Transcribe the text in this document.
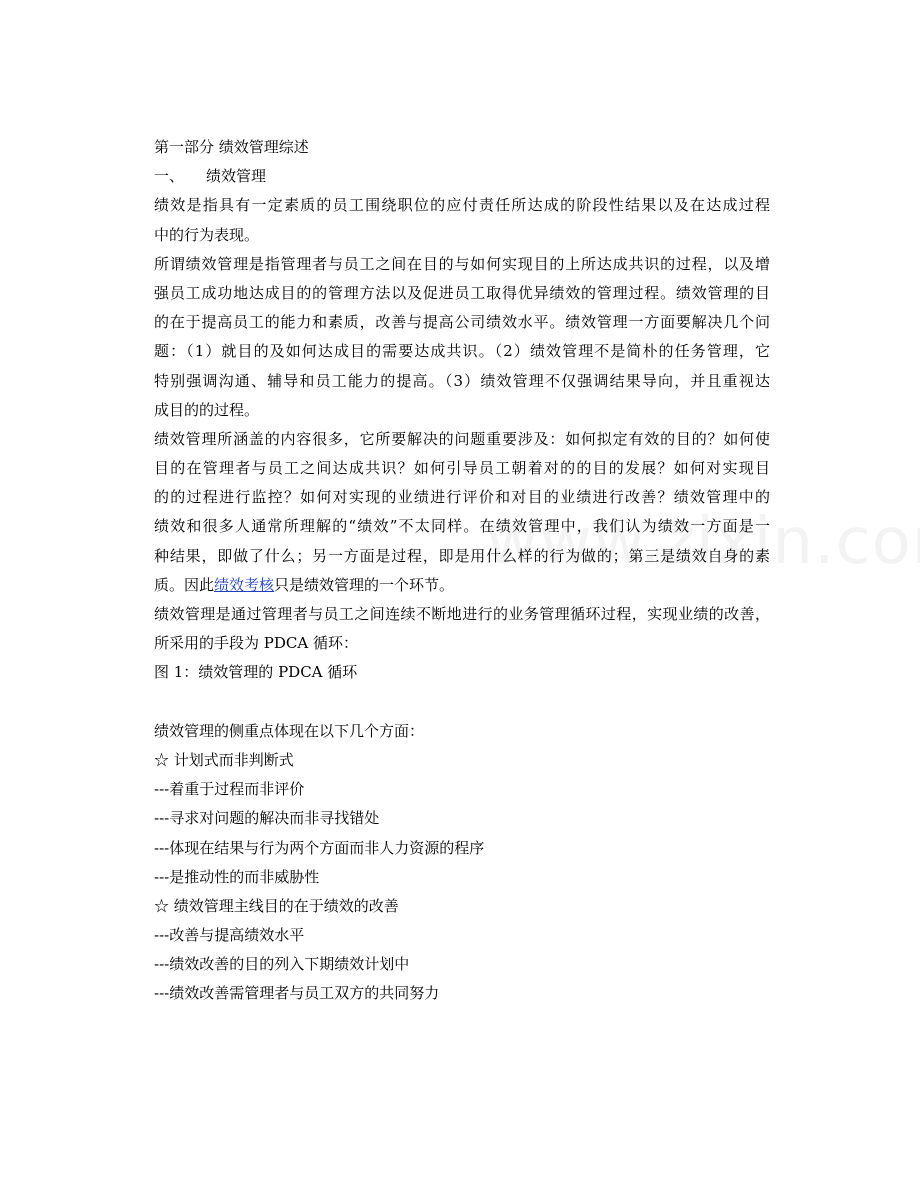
第一部分 绩效管理综述
一、 绩效管理
绩效是指具有一定素质的员工围绕职位的应付责任所达成的阶段性结果以及在达成过程
中的行为表现。
所谓绩效管理是指管理者与员工之间在目的与如何实现目的上所达成共识的过程，以及增
强员工成功地达成目的的管理方法以及促进员工取得优异绩效的管理过程。绩效管理的目
的在于提高员工的能力和素质，改善与提高公司绩效水平。绩效管理一方面要解决几个问
题：（1）就目的及如何达成目的需要达成共识。（2）绩效管理不是简朴的任务管理，它
特别强调沟通、辅导和员工能力的提高。（3）绩效管理不仅强调结果导向，并且重视达
成目的的过程。
绩效管理所涵盖的内容很多，它所要解决的问题重要涉及：如何拟定有效的目的？如何使
目的在管理者与员工之间达成共识？如何引导员工朝着对的的目的发展？如何对实现目
的的过程进行监控？如何对实现的业绩进行评价和对目的业绩进行改善？绩效管理中的
绩效和很多人通常所理解的“绩效”不太同样。在绩效管理中，我们认为绩效一方面是一
种结果，即做了什么；另一方面是过程，即是用什么样的行为做的；第三是绩效自身的素
质。因此绩效考核只是绩效管理的一个环节。
绩效管理是通过管理者与员工之间连续不断地进行的业务管理循环过程，实现业绩的改善，
所采用的手段为 PDCA 循环：
图 1：绩效管理的 PDCA 循环
绩效管理的侧重点体现在以下几个方面：
☆ 计划式而非判断式
---着重于过程而非评价
---寻求对问题的解决而非寻找错处
---体现在结果与行为两个方面而非人力资源的程序
---是推动性的而非威胁性
☆ 绩效管理主线目的在于绩效的改善
---改善与提高绩效水平
---绩效改善的目的列入下期绩效计划中
---绩效改善需管理者与员工双方的共同努力
